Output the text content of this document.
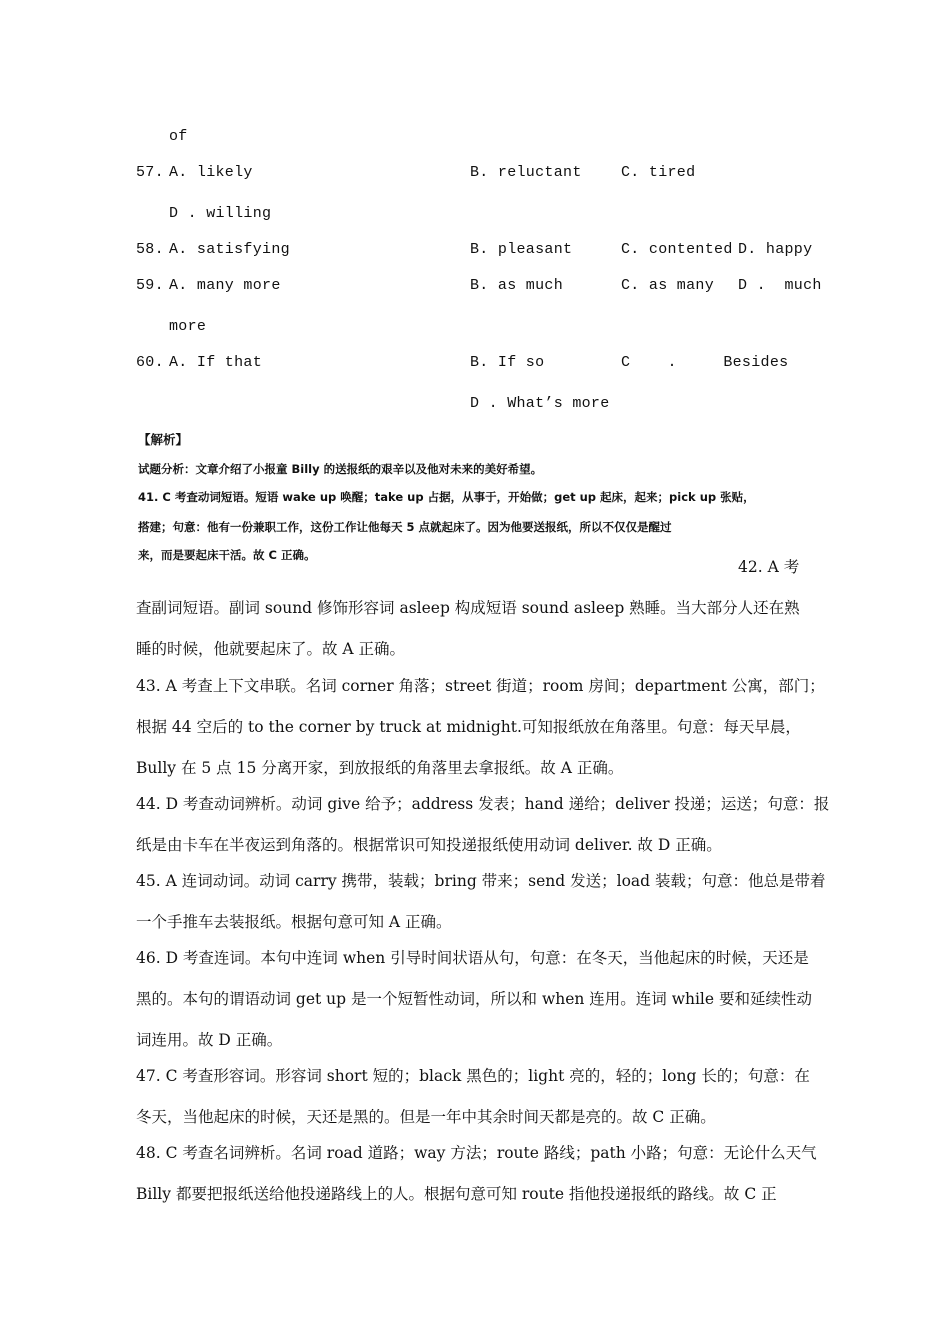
of
57. A. likely	B. reluctant	C. tired
D . willing
58. A. satisfying	B. pleasant	C. contented D. happy
59. A. many more	B. as much	C. as many D .  much
more
60. A. If that	B. If so	C    .     Besides
D . What’s more
【解析】
试题分析：文章介绍了小报童 Billy 的送报纸的艰辛以及他对未来的美好希望。
41. C 考查动词短语。短语 wake up 唤醒；take up 占据，从事于，开始做；get up 起床，起来；pick up 张贴，
搭建；句意：他有一份兼职工作，这份工作让他每天 5 点就起床了。因为他要送报纸，所以不仅仅是醒过
来，而是要起床干活。故 C 正确。
42. A 考
查副词短语。副词 sound 修饰形容词 asleep 构成短语 sound asleep 熟睡。当大部分人还在熟
睡的时候，他就要起床了。故 A 正确。
43. A 考查上下文串联。名词 corner 角落；street 街道；room 房间；department 公寓，部门；
根据 44 空后的 to the corner by truck at midnight.可知报纸放在角落里。句意：每天早晨，
Bully 在 5 点 15 分离开家，到放报纸的角落里去拿报纸。故 A 正确。
44. D 考查动词辨析。动词 give 给予；address 发表；hand 递给；deliver 投递；运送；句意：报
纸是由卡车在半夜运到角落的。根据常识可知投递报纸使用动词 deliver. 故 D 正确。
45. A 连词动词。动词 carry 携带，装载；bring 带来；send 发送；load 装载；句意：他总是带着
一个手推车去装报纸。根据句意可知 A 正确。
46. D 考查连词。本句中连词 when 引导时间状语从句，句意：在冬天，当他起床的时候，天还是
黑的。本句的谓语动词 get up 是一个短暂性动词，所以和 when 连用。连词 while 要和延续性动
词连用。故 D 正确。
47. C 考查形容词。形容词 short 短的；black 黑色的；light 亮的，轻的；long 长的；句意：在
冬天，当他起床的时候，天还是黑的。但是一年中其余时间天都是亮的。故 C 正确。
48. C 考查名词辨析。名词 road 道路；way 方法；route 路线；path 小路；句意：无论什么天气
Billy 都要把报纸送给他投递路线上的人。根据句意可知 route 指他投递报纸的路线。故 C 正
